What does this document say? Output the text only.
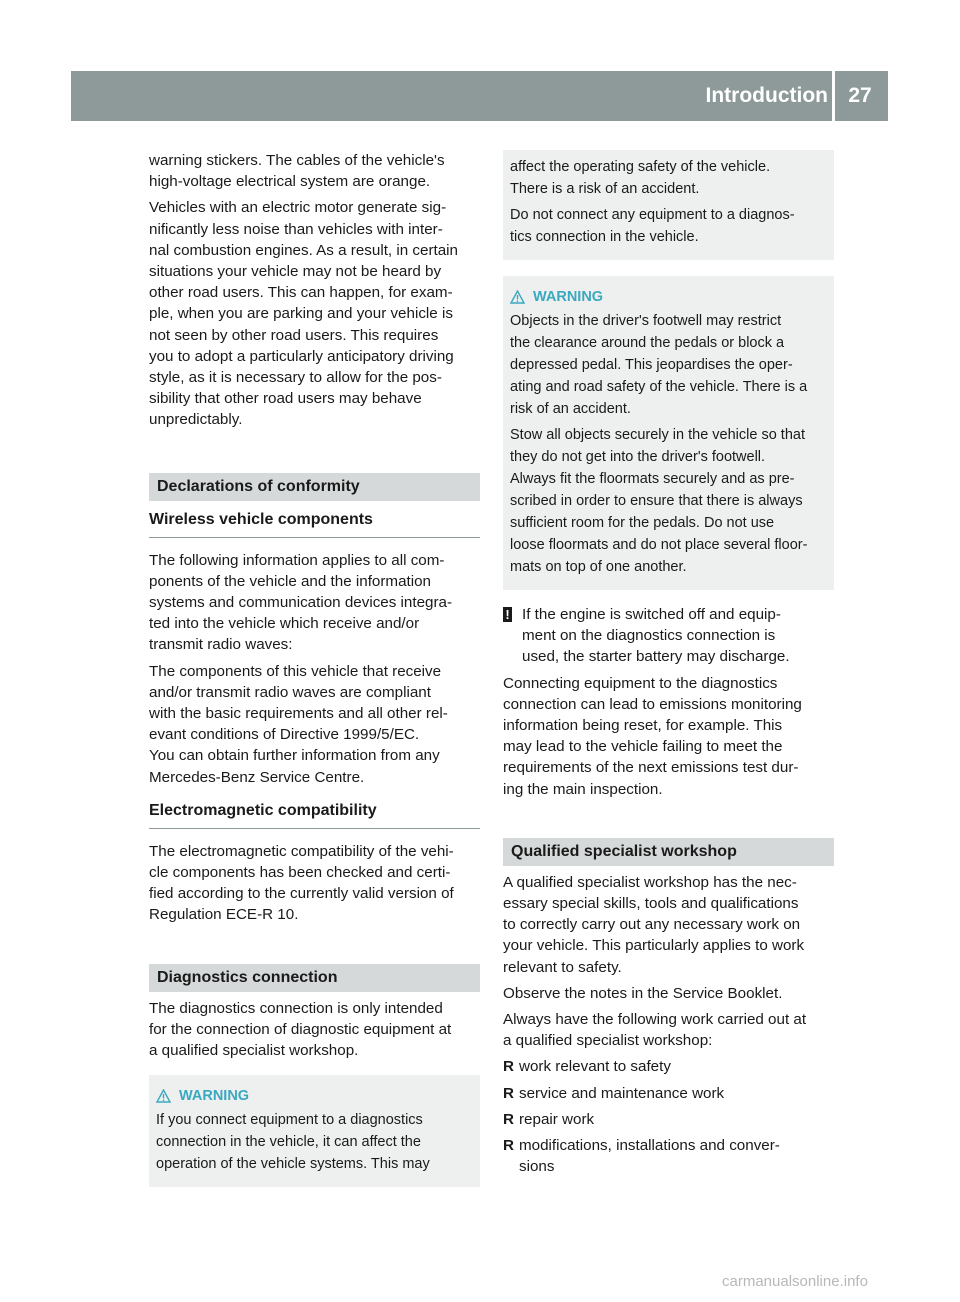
Introduction 27
warning stickers. The cables of the vehicle's
high-voltage electrical system are orange.
Vehicles with an electric motor generate sig-
nificantly less noise than vehicles with inter-
nal combustion engines. As a result, in certain
situations your vehicle may not be heard by
other road users. This can happen, for exam-
ple, when you are parking and your vehicle is
not seen by other road users. This requires
you to adopt a particularly anticipatory driving
style, as it is necessary to allow for the pos-
sibility that other road users may behave
unpredictably.
Declarations of conformity
Wireless vehicle components
The following information applies to all com-
ponents of the vehicle and the information
systems and communication devices integra-
ted into the vehicle which receive and/or
transmit radio waves:
The components of this vehicle that receive
and/or transmit radio waves are compliant
with the basic requirements and all other rel-
evant conditions of Directive 1999/5/EC.
You can obtain further information from any
Mercedes-Benz Service Centre.
Electromagnetic compatibility
The electromagnetic compatibility of the vehi-
cle components has been checked and certi-
fied according to the currently valid version of
Regulation ECE-R 10.
Diagnostics connection
The diagnostics connection is only intended
for the connection of diagnostic equipment at
a qualified specialist workshop.
WARNING
If you connect equipment to a diagnostics
connection in the vehicle, it can affect the
operation of the vehicle systems. This may
affect the operating safety of the vehicle.
There is a risk of an accident.
Do not connect any equipment to a diagnos-
tics connection in the vehicle.
WARNING
Objects in the driver's footwell may restrict
the clearance around the pedals or block a
depressed pedal. This jeopardises the oper-
ating and road safety of the vehicle. There is a
risk of an accident.
Stow all objects securely in the vehicle so that
they do not get into the driver's footwell.
Always fit the floormats securely and as pre-
scribed in order to ensure that there is always
sufficient room for the pedals. Do not use
loose floormats and do not place several floor-
mats on top of one another.
! If the engine is switched off and equip-
ment on the diagnostics connection is
used, the starter battery may discharge.
Connecting equipment to the diagnostics
connection can lead to emissions monitoring
information being reset, for example. This
may lead to the vehicle failing to meet the
requirements of the next emissions test dur-
ing the main inspection.
Qualified specialist workshop
A qualified specialist workshop has the nec-
essary special skills, tools and qualifications
to correctly carry out any necessary work on
your vehicle. This particularly applies to work
relevant to safety.
Observe the notes in the Service Booklet.
Always have the following work carried out at
a qualified specialist workshop:
R work relevant to safety
R service and maintenance work
R repair work
R modifications, installations and conver-
sions
carmanualsonline.info
